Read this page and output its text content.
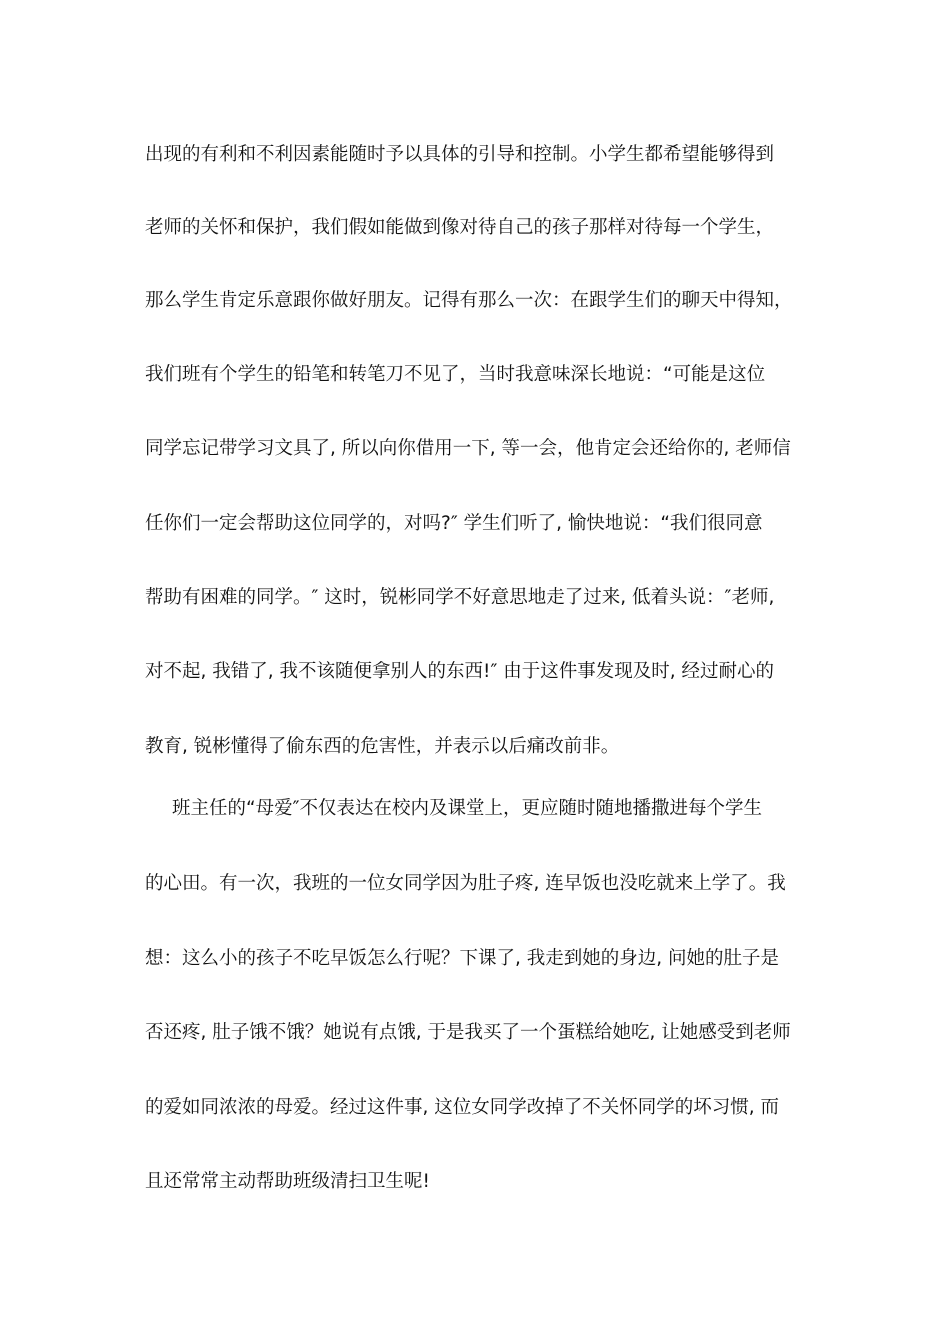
出现的有利和不利因素能随时予以具体的引导和控制。小学生都希望能够得到
老师的关怀和保护，我们假如能做到像对待自己的孩子那样对待每一个学生，
那么学生肯定乐意跟你做好朋友。记得有那么一次：在跟学生们的聊天中得知，
我们班有个学生的铅笔和转笔刀不见了，当时我意味深长地说：“可能是这位
同学忘记带学习文具了, 所以向你借用一下, 等一会，他肯定会还给你的, 老师信
任你们一定会帮助这位同学的，对吗?″ 学生们听了, 愉快地说：“我们很同意
帮助有困难的同学。″ 这时，锐彬同学不好意思地走了过来, 低着头说：″老师,
对不起, 我错了, 我不该随便拿别人的东西!″ 由于这件事发现及时, 经过耐心的
教育, 锐彬懂得了偷东西的危害性，并表示以后痛改前非。
班主任的“母爱″不仅表达在校内及课堂上，更应随时随地播撒进每个学生
的心田。有一次，我班的一位女同学因为肚子疼, 连早饭也没吃就来上学了。我
想：这么小的孩子不吃早饭怎么行呢？下课了, 我走到她的身边, 问她的肚子是
否还疼, 肚子饿不饿？她说有点饿, 于是我买了一个蛋糕给她吃, 让她感受到老师
的爱如同浓浓的母爱。经过这件事, 这位女同学改掉了不关怀同学的坏习惯, 而
且还常常主动帮助班级清扫卫生呢!
